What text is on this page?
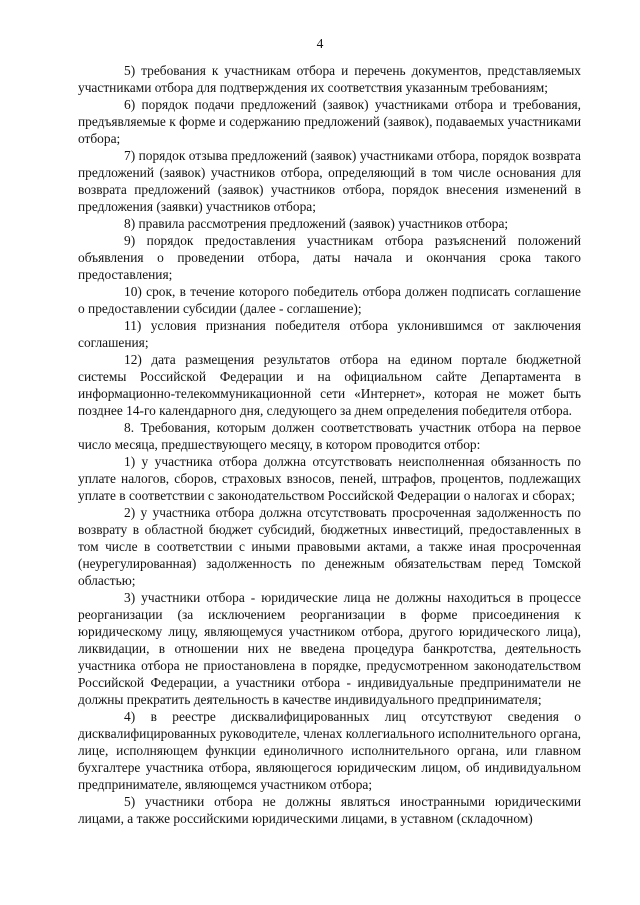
4

5) требования к участникам отбора и перечень документов, представляемых участниками отбора для подтверждения их соответствия указанным требованиям;

6) порядок подачи предложений (заявок) участниками отбора и требования, предъявляемые к форме и содержанию предложений (заявок), подаваемых участниками отбора;

7) порядок отзыва предложений (заявок) участниками отбора, порядок возврата предложений (заявок) участников отбора, определяющий в том числе основания для возврата предложений (заявок) участников отбора, порядок внесения изменений в предложения (заявки) участников отбора;

8) правила рассмотрения предложений (заявок) участников отбора;

9) порядок предоставления участникам отбора разъяснений положений объявления о проведении отбора, даты начала и окончания срока такого предоставления;

10) срок, в течение которого победитель отбора должен подписать соглашение о предоставлении субсидии (далее - соглашение);

11) условия признания победителя отбора уклонившимся от заключения соглашения;

12) дата размещения результатов отбора на едином портале бюджетной системы Российской Федерации и на официальном сайте Департамента в информационно-телекоммуникационной сети «Интернет», которая не может быть позднее 14-го календарного дня, следующего за днем определения победителя отбора.

8. Требования, которым должен соответствовать участник отбора на первое число месяца, предшествующего месяцу, в котором проводится отбор:

1) у участника отбора должна отсутствовать неисполненная обязанность по уплате налогов, сборов, страховых взносов, пеней, штрафов, процентов, подлежащих уплате в соответствии с законодательством Российской Федерации о налогах и сборах;

2) у участника отбора должна отсутствовать просроченная задолженность по возврату в областной бюджет субсидий, бюджетных инвестиций, предоставленных в том числе в соответствии с иными правовыми актами, а также иная просроченная (неурегулированная) задолженность по денежным обязательствам перед Томской областью;

3) участники отбора - юридические лица не должны находиться в процессе реорганизации (за исключением реорганизации в форме присоединения к юридическому лицу, являющемуся участником отбора, другого юридического лица), ликвидации, в отношении них не введена процедура банкротства, деятельность участника отбора не приостановлена в порядке, предусмотренном законодательством Российской Федерации, а участники отбора - индивидуальные предприниматели не должны прекратить деятельность в качестве индивидуального предпринимателя;

4) в реестре дисквалифицированных лиц отсутствуют сведения о дисквалифицированных руководителе, членах коллегиального исполнительного органа, лице, исполняющем функции единоличного исполнительного органа, или главном бухгалтере участника отбора, являющегося юридическим лицом, об индивидуальном предпринимателе, являющемся участником отбора;

5) участники отбора не должны являться иностранными юридическими лицами, а также российскими юридическими лицами, в уставном (складочном)
